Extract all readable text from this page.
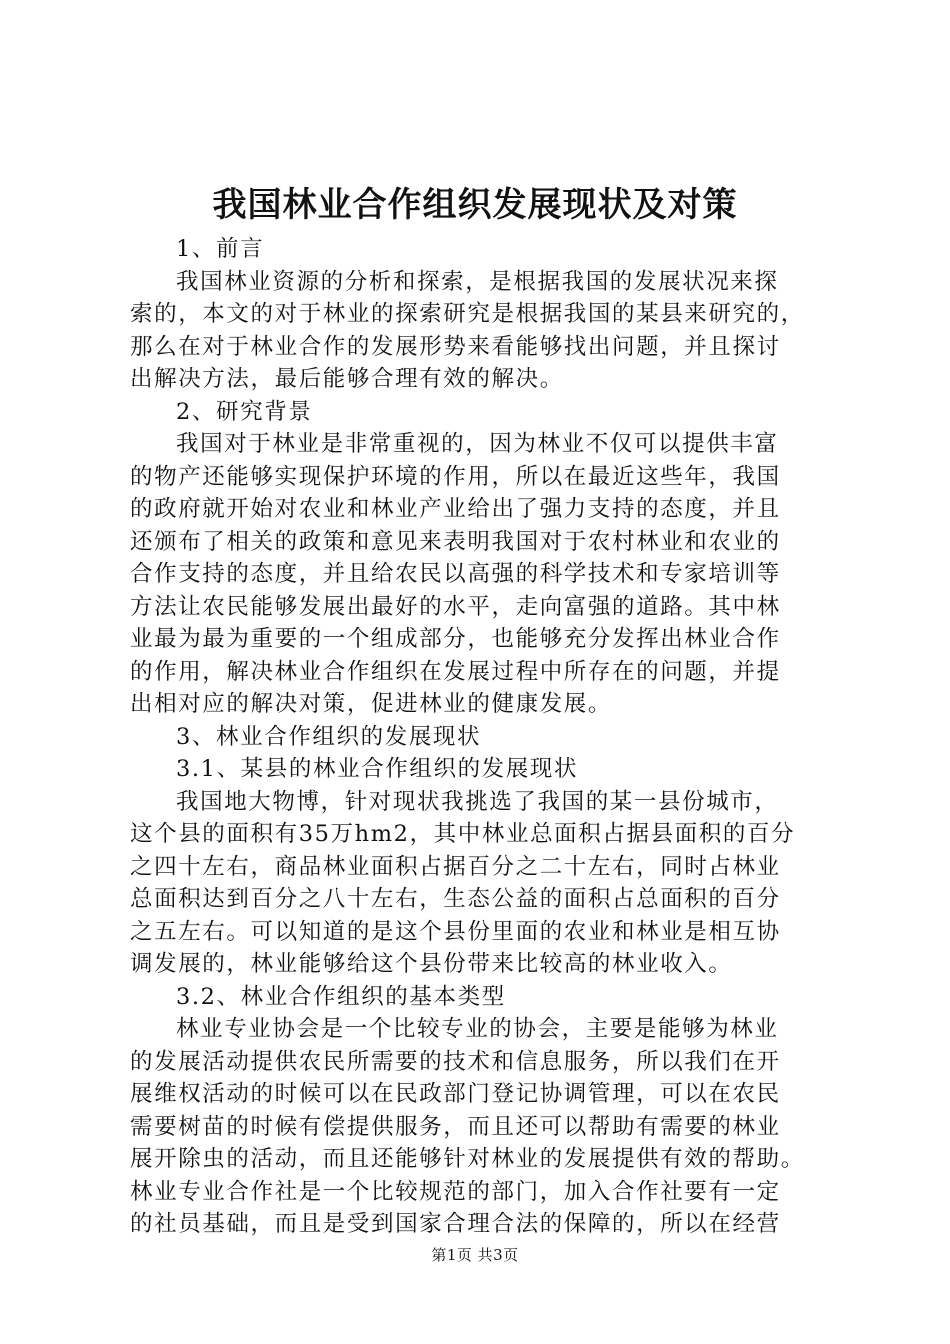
我国林业合作组织发展现状及对策
1、前言
我国林业资源的分析和探索，是根据我国的发展状况来探
索的，本文的对于林业的探索研究是根据我国的某县来研究的，
那么在对于林业合作的发展形势来看能够找出问题，并且探讨
出解决方法，最后能够合理有效的解决。
2、研究背景
我国对于林业是非常重视的，因为林业不仅可以提供丰富
的物产还能够实现保护环境的作用，所以在最近这些年，我国
的政府就开始对农业和林业产业给出了强力支持的态度，并且
还颁布了相关的政策和意见来表明我国对于农村林业和农业的
合作支持的态度，并且给农民以高强的科学技术和专家培训等
方法让农民能够发展出最好的水平，走向富强的道路。其中林
业最为最为重要的一个组成部分，也能够充分发挥出林业合作
的作用，解决林业合作组织在发展过程中所存在的问题，并提
出相对应的解决对策，促进林业的健康发展。
3、林业合作组织的发展现状
3.1、某县的林业合作组织的发展现状
我国地大物博，针对现状我挑选了我国的某一县份城市，
这个县的面积有35万hm2，其中林业总面积占据县面积的百分
之四十左右，商品林业面积占据百分之二十左右，同时占林业
总面积达到百分之八十左右，生态公益的面积占总面积的百分
之五左右。可以知道的是这个县份里面的农业和林业是相互协
调发展的，林业能够给这个县份带来比较高的林业收入。
3.2、林业合作组织的基本类型
林业专业协会是一个比较专业的协会，主要是能够为林业
的发展活动提供农民所需要的技术和信息服务，所以我们在开
展维权活动的时候可以在民政部门登记协调管理，可以在农民
需要树苗的时候有偿提供服务，而且还可以帮助有需要的林业
展开除虫的活动，而且还能够针对林业的发展提供有效的帮助。
林业专业合作社是一个比较规范的部门，加入合作社要有一定
的社员基础，而且是受到国家合理合法的保障的，所以在经营
第1页 共3页
